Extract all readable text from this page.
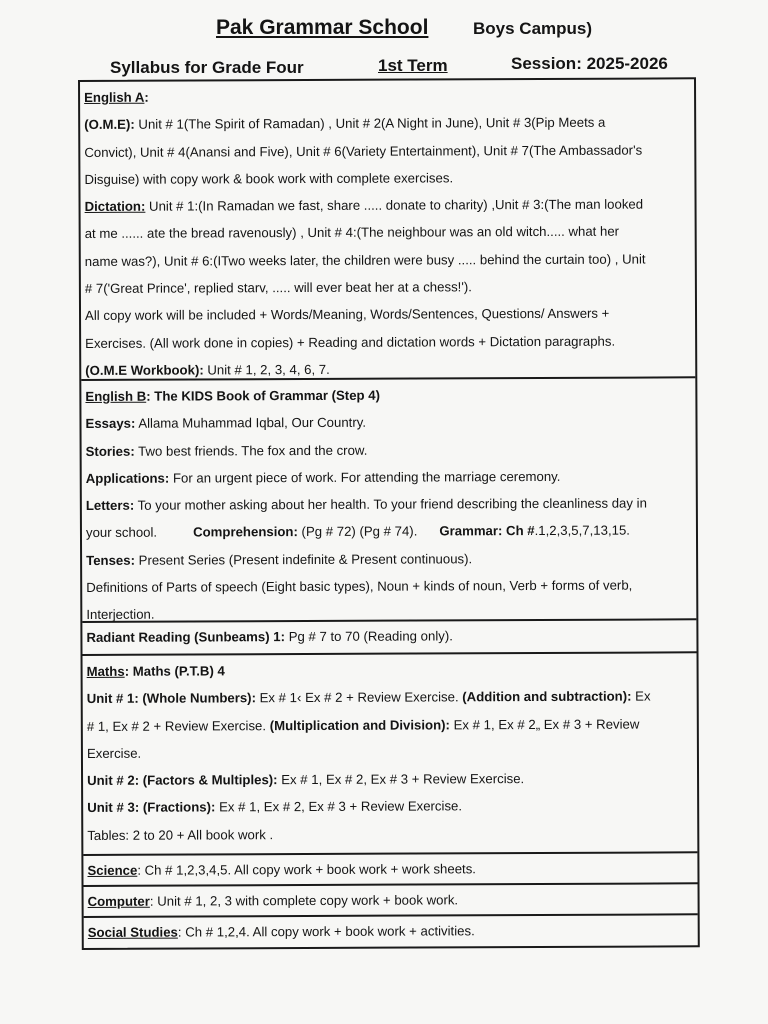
Pak Grammar School	Boys Campus)
Syllabus for Grade Four	1st Term	Session: 2025-2026
English A:
(O.M.E): Unit # 1(The Spirit of Ramadan) , Unit # 2(A Night in June), Unit # 3(Pip Meets a
Convict), Unit # 4(Anansi and Five), Unit # 6(Variety Entertainment), Unit # 7(The Ambassador's
Disguise) with copy work & book work with complete exercises.
Dictation: Unit # 1:(In Ramadan we fast, share ..... donate to charity) ,Unit # 3:(The man looked
at me ...... ate the bread ravenously) , Unit # 4:(The neighbour was an old witch..... what her
name was?), Unit # 6:(ITwo weeks later, the children were busy ..... behind the curtain too) , Unit
# 7('Great Prince', replied starv, ..... will ever beat her at a chess!').
All copy work will be included + Words/Meaning, Words/Sentences, Questions/ Answers +
Exercises. (All work done in copies) + Reading and dictation words + Dictation paragraphs.
(O.M.E Workbook): Unit # 1, 2, 3, 4, 6, 7.
English B: The KIDS Book of Grammar (Step 4)
Essays: Allama Muhammad Iqbal, Our Country.
Stories: Two best friends. The fox and the crow.
Applications: For an urgent piece of work. For attending the marriage ceremony.
Letters: To your mother asking about her health. To your friend describing the cleanliness day in
your school.	Comprehension: (Pg # 72) (Pg # 74). Grammar: Ch #.1,2,3,5,7,13,15.
Tenses: Present Series (Present indefinite & Present continuous).
Definitions of Parts of speech (Eight basic types), Noun + kinds of noun, Verb + forms of verb,
Interjection.
Radiant Reading (Sunbeams) 1: Pg # 7 to 70 (Reading only).
Maths: Maths (P.T.B) 4
Unit # 1: (Whole Numbers): Ex # 1‹ Ex # 2 + Review Exercise. (Addition and subtraction): Ex
# 1, Ex # 2 + Review Exercise. (Multiplication and Division): Ex # 1, Ex # 2„ Ex # 3 + Review
Exercise.
Unit # 2: (Factors & Multiples): Ex # 1, Ex # 2, Ex # 3 + Review Exercise.
Unit # 3: (Fractions): Ex # 1, Ex # 2, Ex # 3 + Review Exercise.
Tables: 2 to 20 + All book work .
Science: Ch # 1,2,3,4,5. All copy work + book work + work sheets.
Computer: Unit # 1, 2, 3 with complete copy work + book work.
Social Studies: Ch # 1,2,4. All copy work + book work + activities.
